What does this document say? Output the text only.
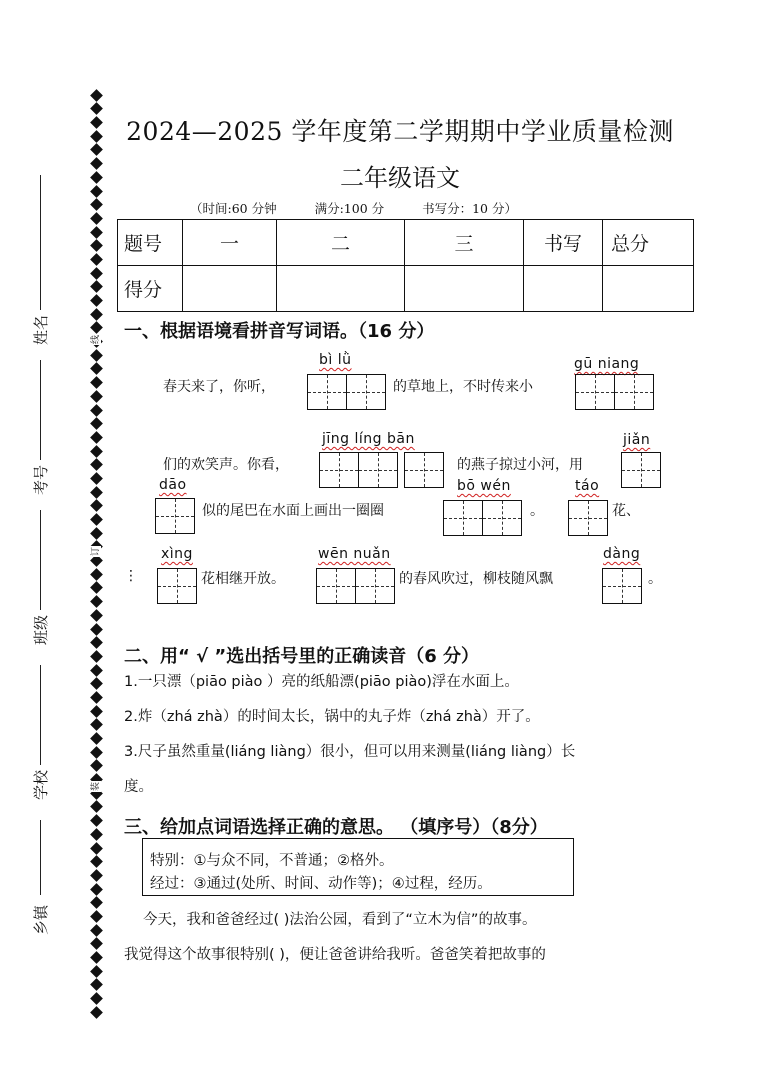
线
订
装
姓名
考号
班级
学校
乡镇
2024—2025 学年度第二学期期中学业质量检测
二年级语文
（时间:60 分钟	满分:100 分	书写分：10 分）
题号	一	二	三	书写	总分
得分					
一、根据语境看拼音写词语。（16 分）
bì lǜ	gū niang
春天来了，你听，	的草地上，不时传来小
jīng líng bān	jiǎn
们的欢笑声。你看，	的燕子掠过小河，用
dāo	bō wén	táo
似的尾巴在水面上画出一圈圈	。	花、
xìng	wēn nuǎn	dàng
⋮	花相继开放。	的春风吹过，柳枝随风飘	。
二、用“ √ ”选出括号里的正确读音（6 分）
1.一只漂（piāo piào ）亮的纸船漂(piāo piào)浮在水面上。
2.炸（zhá zhà）的时间太长，锅中的丸子炸（zhá zhà）开了。
3.尺子虽然重量(liáng liàng）很小，但可以用来测量(liáng liàng）长
度。
三、给加点词语选择正确的意思。 （填序号）（8分）
特别：①与众不同，不普通；②格外。
经过：③通过(处所、时间、动作等)；④过程，经历。
今天，我和爸爸经过( )法治公园，看到了“立木为信”的故事。
我觉得这个故事很特别( )，便让爸爸讲给我听。爸爸笑着把故事的
